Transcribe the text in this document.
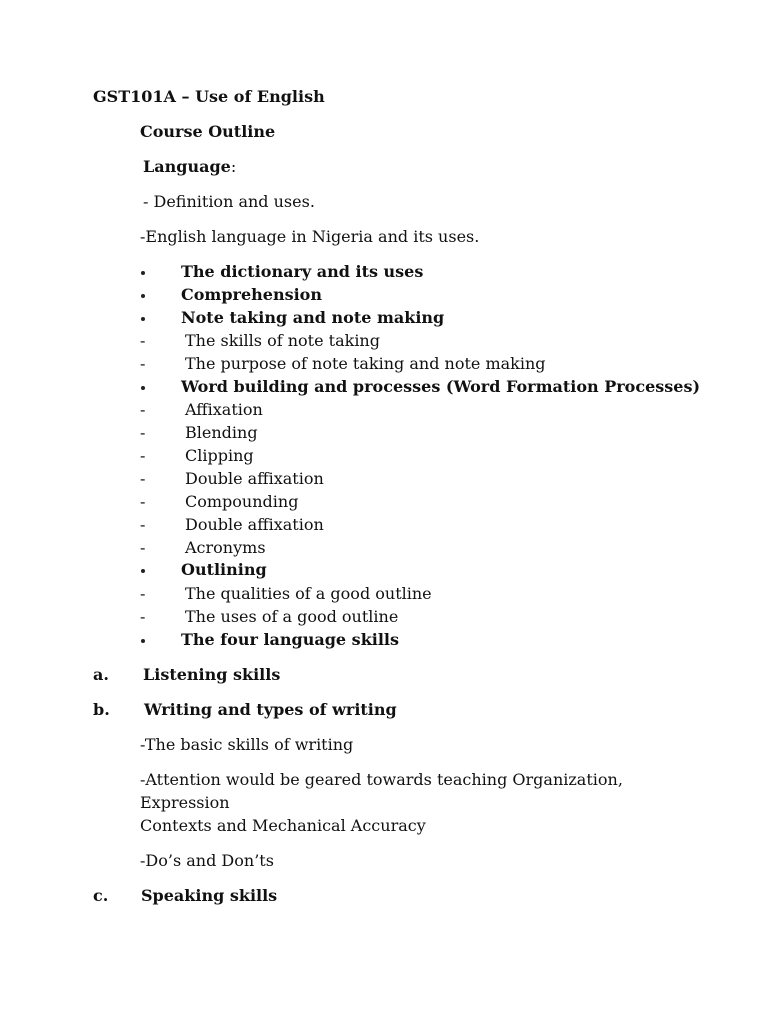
GST101A – Use of English
Course Outline
Language:
- Definition and uses.
-English language in Nigeria and its uses.
The dictionary and its uses
Comprehension
Note taking and note making
- The skills of note taking
- The purpose of note taking and note making
Word building and processes (Word Formation Processes)
- Affixation
- Blending
- Clipping
- Double affixation
- Compounding
- Double affixation
- Acronyms
Outlining
- The qualities of a good outline
- The uses of a good outline
The four language skills
a. Listening skills
b. Writing and types of writing
-The basic skills of writing
-Attention would be geared towards teaching Organization,
Expression
Contexts and Mechanical Accuracy
-Do’s and Don’ts
c. Speaking skills
